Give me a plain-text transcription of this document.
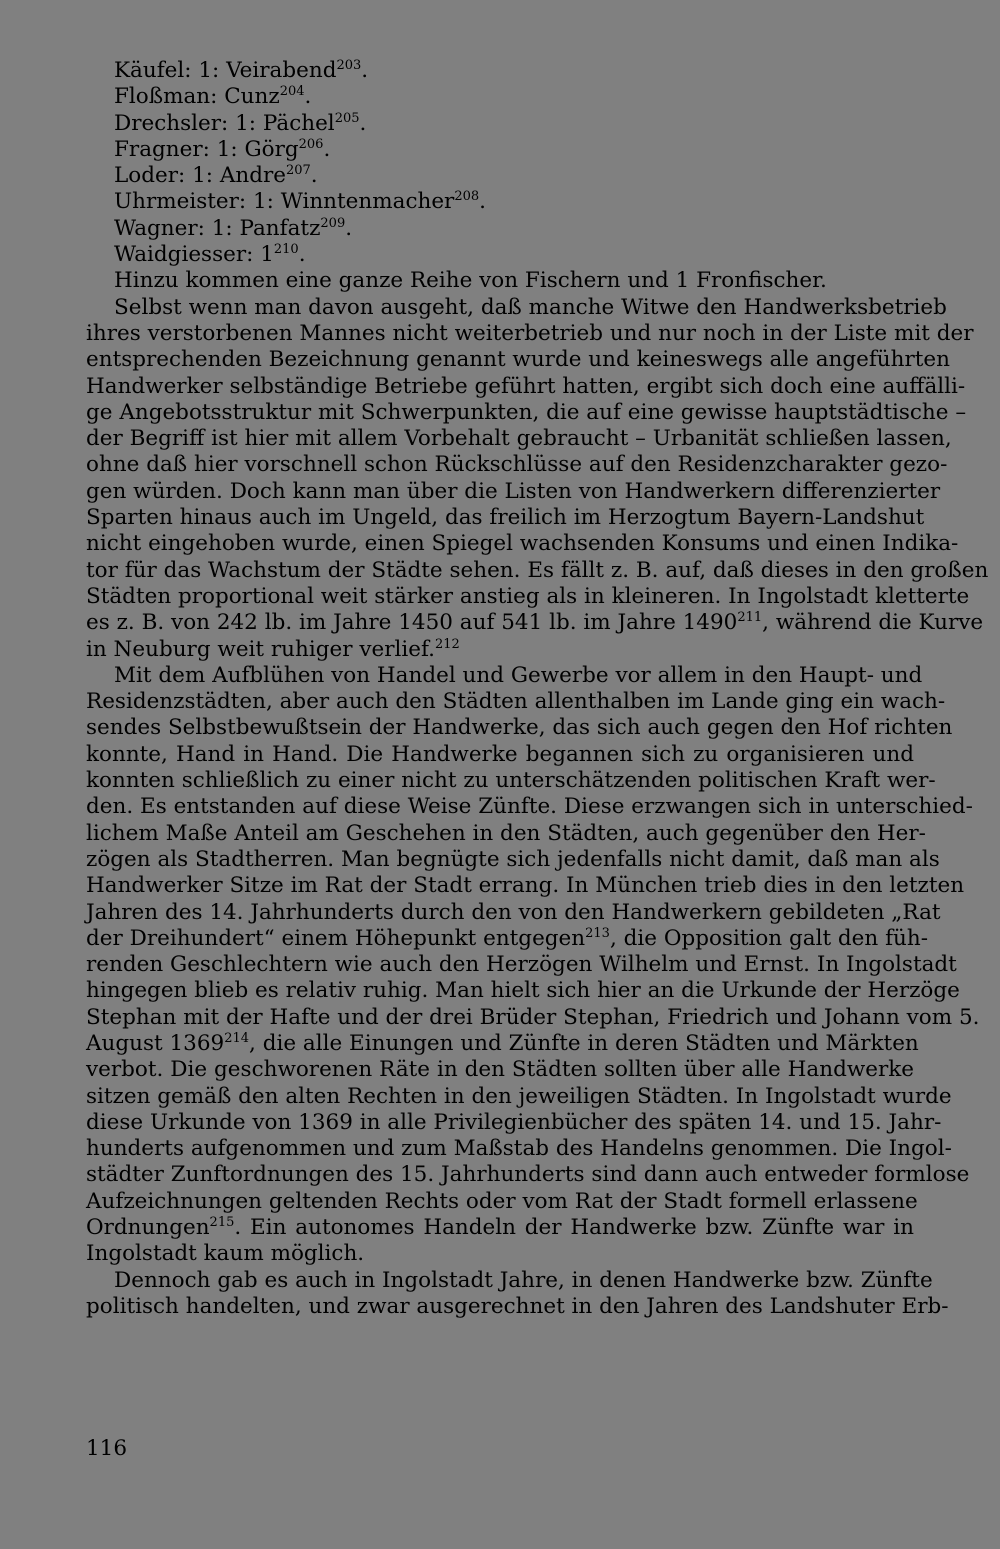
Käufel: 1: Veirabend$^{203}$.
Floßman: Cunz$^{204}$.
Drechsler: 1: Pächel$^{205}$.
Fragner: 1: Görg$^{206}$.
Loder: 1: Andre$^{207}$.
Uhrmeister: 1: Winntenmacher$^{208}$.
Wagner: 1: Panfatz$^{209}$.
Waidgiesser: $1^{210}$.
Hinzu kommen eine ganze Reihe von Fischern und 1 Fronfischer.
Selbst wenn man davon ausgeht, daß manche Witwe den Handwerksbetrieb
ihres verstorbenen Mannes nicht weiterbetrieb und nur noch in der Liste mit der
entsprechenden Bezeichnung genannt wurde und keineswegs alle angeführten
Handwerker selbständige Betriebe geführt hatten, ergibt sich doch eine auffälli-
ge Angebotsstruktur mit Schwerpunkten, die auf eine gewisse hauptstädtische –
der Begriff ist hier mit allem Vorbehalt gebraucht – Urbanität schließen lassen,
ohne daß hier vorschnell schon Rückschlüsse auf den Residenzcharakter gezo-
gen würden. Doch kann man über die Listen von Handwerkern differenzierter
Sparten hinaus auch im Ungeld, das freilich im Herzogtum Bayern-Landshut
nicht eingehoben wurde, einen Spiegel wachsenden Konsums und einen Indika-
tor für das Wachstum der Städte sehen. Es fällt z. B. auf, daß dieses in den großen
Städten proportional weit stärker anstieg als in kleineren. In Ingolstadt kletterte
es z. B. von 242 lb. im Jahre 1450 auf 541 lb. im Jahre 1490$^{211}$, während die Kurve
in Neuburg weit ruhiger verlief.$^{212}$
Mit dem Aufblühen von Handel und Gewerbe vor allem in den Haupt- und
Residenzstädten, aber auch den Städten allenthalben im Lande ging ein wach-
sendes Selbstbewußtsein der Handwerke, das sich auch gegen den Hof richten
konnte, Hand in Hand. Die Handwerke begannen sich zu organisieren und
konnten schließlich zu einer nicht zu unterschätzenden politischen Kraft wer-
den. Es entstanden auf diese Weise Zünfte. Diese erzwangen sich in unterschied-
lichem Maße Anteil am Geschehen in den Städten, auch gegenüber den Her-
zögen als Stadtherren. Man begnügte sich jedenfalls nicht damit, daß man als
Handwerker Sitze im Rat der Stadt errang. In München trieb dies in den letzten
Jahren des 14. Jahrhunderts durch den von den Handwerkern gebildeten „Rat
der Dreihundert“ einem Höhepunkt entgegen$^{213}$, die Opposition galt den füh-
renden Geschlechtern wie auch den Herzögen Wilhelm und Ernst. In Ingolstadt
hingegen blieb es relativ ruhig. Man hielt sich hier an die Urkunde der Herzöge
Stephan mit der Hafte und der drei Brüder Stephan, Friedrich und Johann vom 5.
August 1369$^{214}$, die alle Einungen und Zünfte in deren Städten und Märkten
verbot. Die geschworenen Räte in den Städten sollten über alle Handwerke
sitzen gemäß den alten Rechten in den jeweiligen Städten. In Ingolstadt wurde
diese Urkunde von 1369 in alle Privilegienbücher des späten 14. und 15. Jahr-
hunderts aufgenommen und zum Maßstab des Handelns genommen. Die Ingol-
städter Zunftordnungen des 15. Jahrhunderts sind dann auch entweder formlose
Aufzeichnungen geltenden Rechts oder vom Rat der Stadt formell erlassene
Ordnungen$^{215}$. Ein autonomes Handeln der Handwerke bzw. Zünfte war in
Ingolstadt kaum möglich.
Dennoch gab es auch in Ingolstadt Jahre, in denen Handwerke bzw. Zünfte
politisch handelten, und zwar ausgerechnet in den Jahren des Landshuter Erb-
116
